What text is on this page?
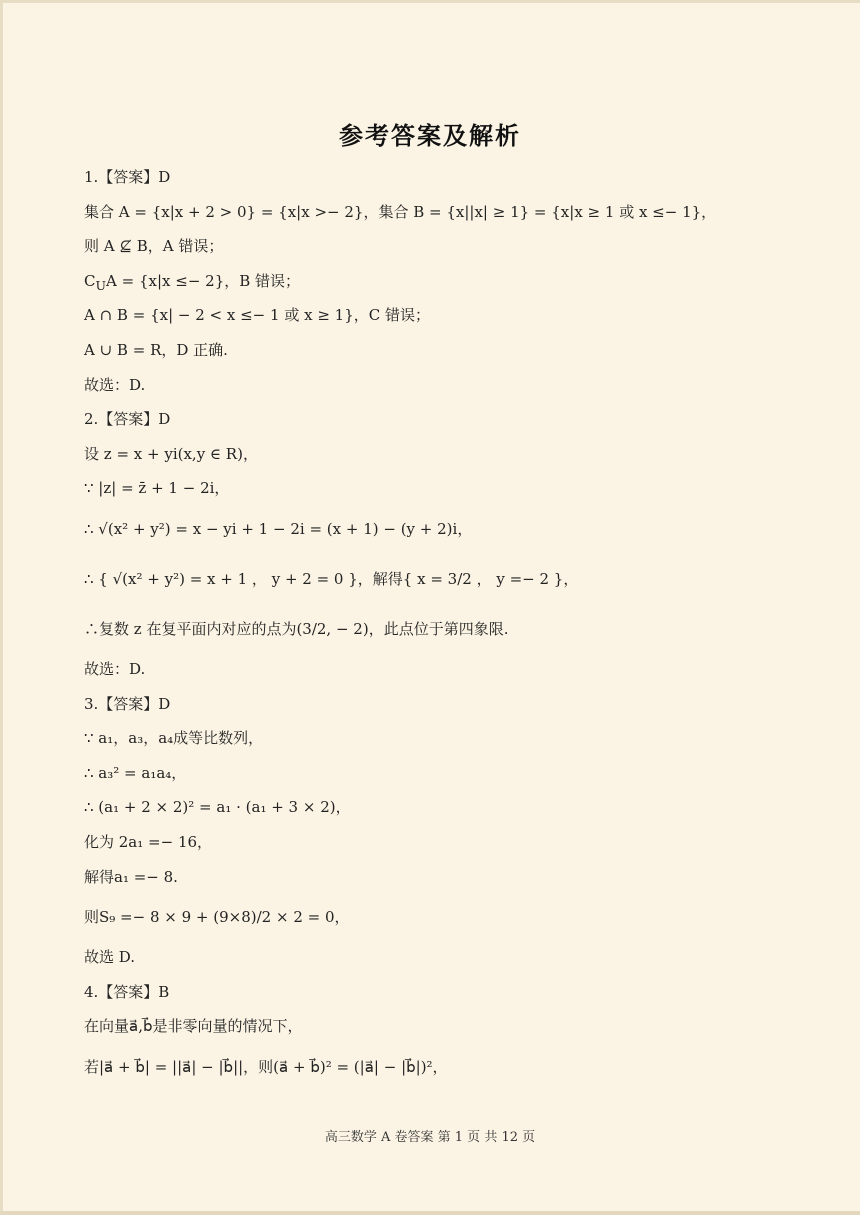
参考答案及解析
1.【答案】D
集合 A = {x|x + 2 > 0} = {x|x >− 2}，集合 B = {x||x| ≥ 1} = {x|x ≥ 1 或 x ≤− 1}，
则 A ⊈ B，A 错误；
$C_UA = \{x|x \le- 2\}$，B 错误；
A ∩ B = {x| − 2 < x ≤− 1 或 x ≥ 1}，C 错误；
A ∪ B = R，D 正确.
故选：D.
2.【答案】D
设 z = x + yi(x,y ∈ R)，
∵ |z| = z̄ + 1 − 2i，
∴ √(x² + y²) = x − yi + 1 − 2i = (x + 1) − (y + 2)i，
∴ { √(x² + y²) = x + 1 ， y + 2 = 0 }，解得{ x = 3/2 ， y =− 2 }，
∴复数 z 在复平面内对应的点为(3/2, − 2)，此点位于第四象限.
故选：D.
3.【答案】D
∵ a₁，a₃，a₄成等比数列，
∴ a₃² = a₁a₄，
∴ (a₁ + 2 × 2)² = a₁ · (a₁ + 3 × 2)，
化为 2a₁ =− 16，
解得a₁ =− 8.
则S₉ =− 8 × 9 + (9×8)/2 × 2 = 0，
故选 D.
4.【答案】B
在向量a⃗,b⃗是非零向量的情况下，
若|a⃗ + b⃗| = ||a⃗| − |b⃗||，则(a⃗ + b⃗)² = (|a⃗| − |b⃗|)²，
高三数学 A 卷答案 第 1 页 共 12 页
